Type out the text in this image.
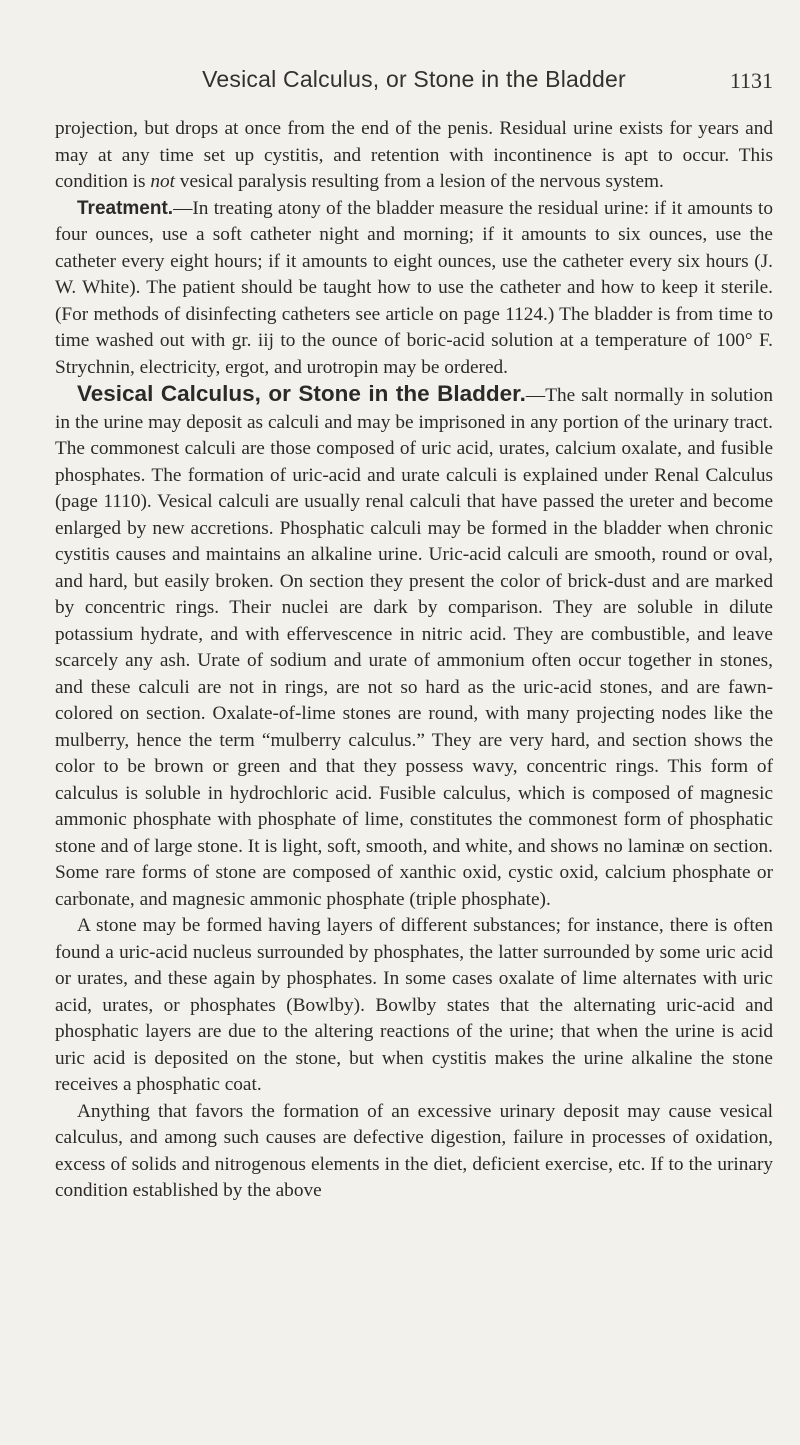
Vesical Calculus, or Stone in the Bladder	1131

projection, but drops at once from the end of the penis. Residual urine exists for years and may at any time set up cystitis, and retention with incontinence is apt to occur. This condition is not vesical paralysis resulting from a lesion of the nervous system.

Treatment.—In treating atony of the bladder measure the residual urine: if it amounts to four ounces, use a soft catheter night and morning; if it amounts to six ounces, use the catheter every eight hours; if it amounts to eight ounces, use the catheter every six hours (J. W. White). The patient should be taught how to use the catheter and how to keep it sterile. (For methods of disinfecting catheters see article on page 1124.) The bladder is from time to time washed out with gr. iij to the ounce of boric-acid solution at a temperature of 100° F. Strychnin, electricity, ergot, and urotropin may be ordered.

Vesical Calculus, or Stone in the Bladder.—The salt normally in solution in the urine may deposit as calculi and may be imprisoned in any portion of the urinary tract. The commonest calculi are those composed of uric acid, urates, calcium oxalate, and fusible phosphates. The formation of uric-acid and urate calculi is explained under Renal Calculus (page 1110). Vesical calculi are usually renal calculi that have passed the ureter and become enlarged by new accretions. Phosphatic calculi may be formed in the bladder when chronic cystitis causes and maintains an alkaline urine. Uric-acid calculi are smooth, round or oval, and hard, but easily broken. On section they present the color of brick-dust and are marked by concentric rings. Their nuclei are dark by comparison. They are soluble in dilute potassium hydrate, and with effervescence in nitric acid. They are combustible, and leave scarcely any ash. Urate of sodium and urate of ammonium often occur together in stones, and these calculi are not in rings, are not so hard as the uric-acid stones, and are fawn-colored on section. Oxalate-of-lime stones are round, with many projecting nodes like the mulberry, hence the term “mulberry calculus.” They are very hard, and section shows the color to be brown or green and that they possess wavy, concentric rings. This form of calculus is soluble in hydrochloric acid. Fusible calculus, which is composed of magnesic ammonic phosphate with phosphate of lime, constitutes the commonest form of phosphatic stone and of large stone. It is light, soft, smooth, and white, and shows no laminæ on section. Some rare forms of stone are composed of xanthic oxid, cystic oxid, calcium phosphate or carbonate, and magnesic ammonic phosphate (triple phosphate).

A stone may be formed having layers of different substances; for instance, there is often found a uric-acid nucleus surrounded by phosphates, the latter surrounded by some uric acid or urates, and these again by phosphates. In some cases oxalate of lime alternates with uric acid, urates, or phosphates (Bowlby). Bowlby states that the alternating uric-acid and phosphatic layers are due to the altering reactions of the urine; that when the urine is acid uric acid is deposited on the stone, but when cystitis makes the urine alkaline the stone receives a phosphatic coat.

Anything that favors the formation of an excessive urinary deposit may cause vesical calculus, and among such causes are defective digestion, failure in processes of oxidation, excess of solids and nitrogenous elements in the diet, deficient exercise, etc. If to the urinary condition established by the above
